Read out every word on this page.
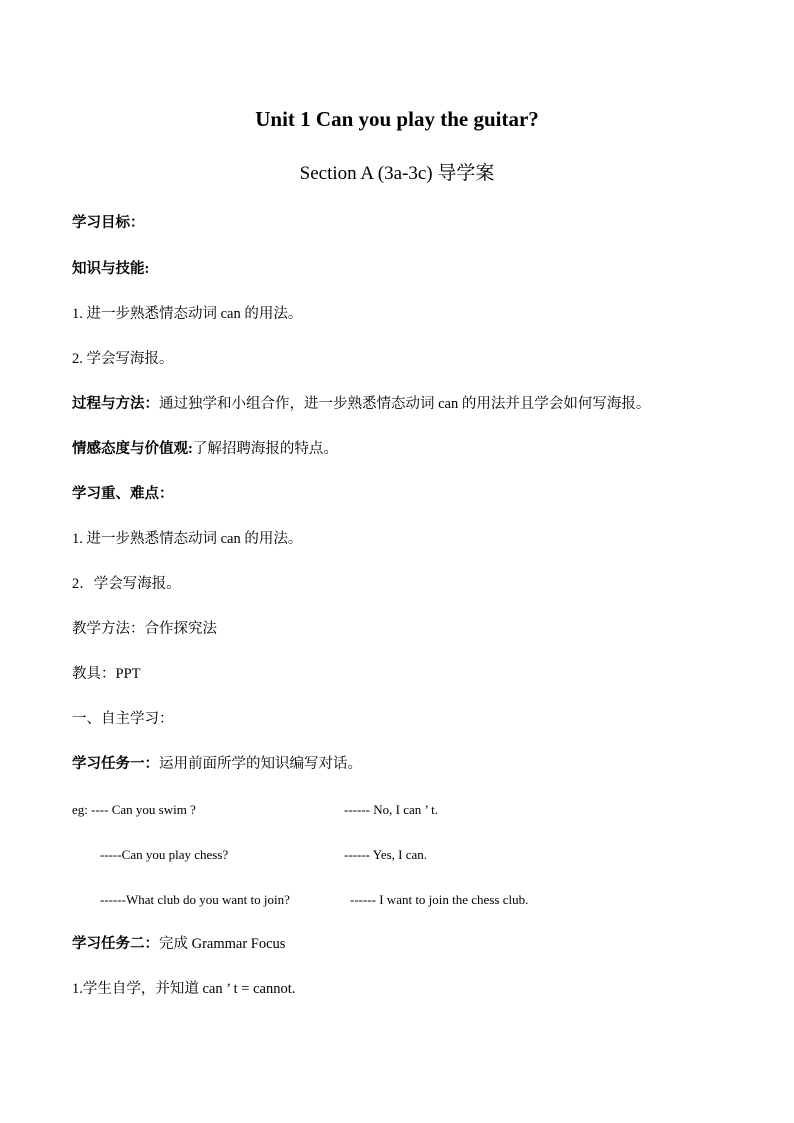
Unit 1 Can you play the guitar?
Section A (3a-3c) 导学案
学习目标：
知识与技能:
1. 进一步熟悉情态动词 can 的用法。
2. 学会写海报。
过程与方法：通过独学和小组合作，进一步熟悉情态动词 can 的用法并且学会如何写海报。
情感态度与价值观:了解招聘海报的特点。
学习重、难点：
1. 进一步熟悉情态动词 can 的用法。
2．学会写海报。
教学方法：合作探究法
教具：PPT
一、自主学习：
学习任务一：运用前面所学的知识编写对话。
eg: ---- Can you swim ?	------ No, I can ’ t.
-----Can you play chess?	------ Yes, I can.
------What club do you want to join?	------ I want to join the chess club.
学习任务二：完成 Grammar Focus
1.学生自学，并知道 can ’ t = cannot.
